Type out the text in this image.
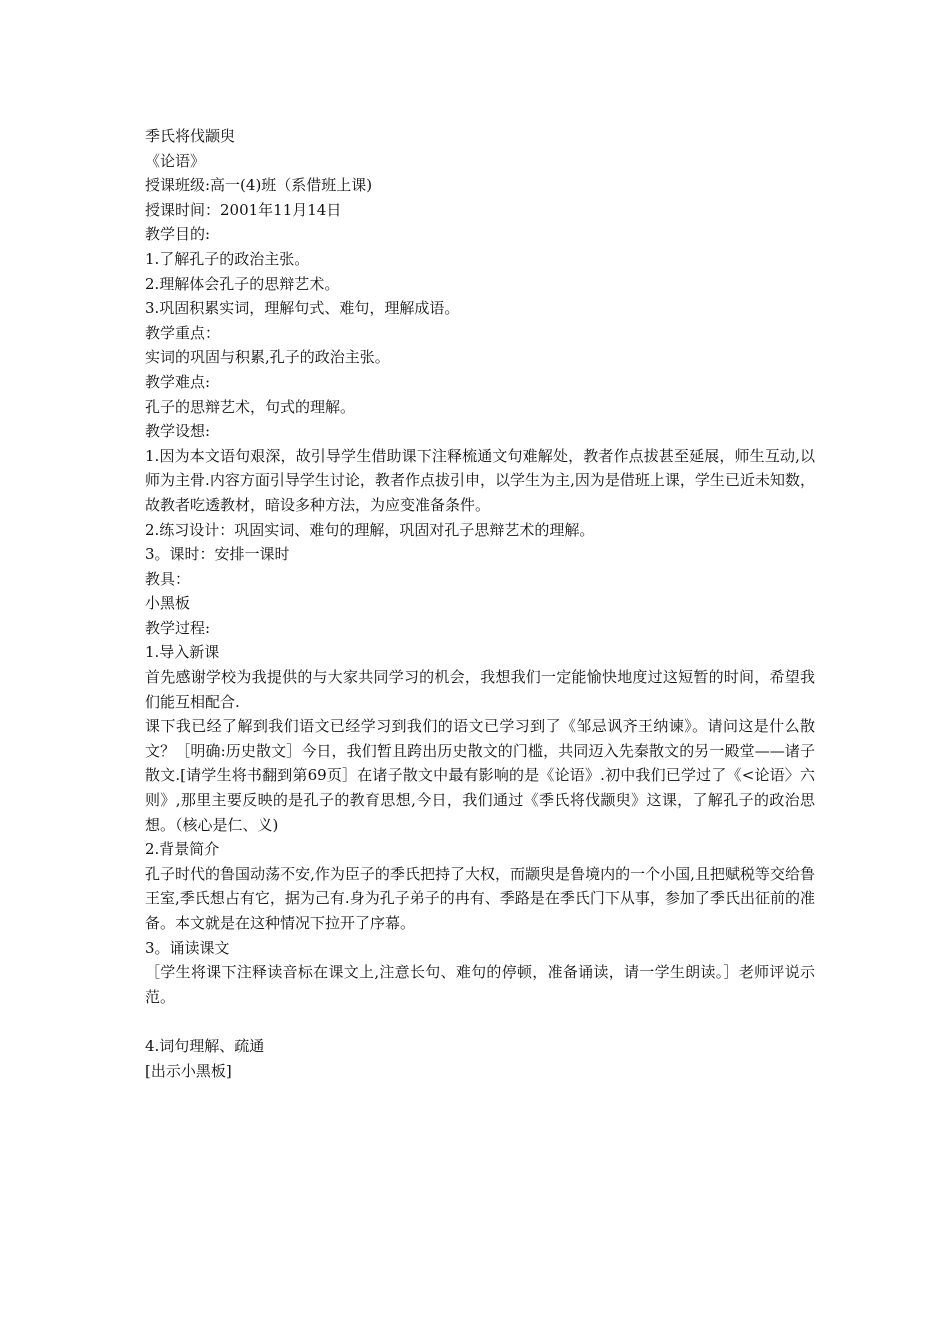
季氏将伐颛臾
《论语》
授课班级:高一(4)班（系借班上课)
授课时间：2001年11月14日
教学目的:
1.了解孔子的政治主张。
2.理解体会孔子的思辩艺术。
3.巩固积累实词，理解句式、难句，理解成语。
教学重点：
实词的巩固与积累,孔子的政治主张。
教学难点:
孔子的思辩艺术，句式的理解。
教学设想:

1.因为本文语句艰深，故引导学生借助课下注释梳通文句难解处，教者作点拔甚至延展，师生互动,以师为主骨.内容方面引导学生讨论，教者作点拔引申，以学生为主,因为是借班上课，学生已近未知数，故教者吃透教材，暗设多种方法，为应变准备条件。

2.练习设计：巩固实词、难句的理解，巩固对孔子思辩艺术的理解。
3。课时：安排一课时
教具：
小黑板
教学过程:
1.导入新课

首先感谢学校为我提供的与大家共同学习的机会，我想我们一定能愉快地度过这短暂的时间，希望我们能互相配合.

课下我已经了解到我们语文已经学习到我们的语文已学习到了《邹忌讽齐王纳谏》。请问这是什么散文？［明确:历史散文］今日，我们暂且跨出历史散文的门槛，共同迈入先秦散文的另一殿堂——诸子散文.[请学生将书翻到第69页］在诸子散文中最有影响的是《论语》.初中我们已学过了《<论语〉六则》,那里主要反映的是孔子的教育思想,今日，我们通过《季氏将伐颛臾》这课，了解孔子的政治思想。（核心是仁、义)

2.背景简介

孔子时代的鲁国动荡不安,作为臣子的季氏把持了大权，而颛臾是鲁境内的一个小国,且把赋税等交给鲁王室,季氏想占有它，据为己有.身为孔子弟子的冉有、季路是在季氏门下从事，参加了季氏出征前的准备。本文就是在这种情况下拉开了序幕。

3。诵读课文

［学生将课下注释读音标在课文上,注意长句、难句的停顿，准备诵读，请一学生朗读。］老师评说示范。

4.词句理解、疏通
[出示小黑板]
